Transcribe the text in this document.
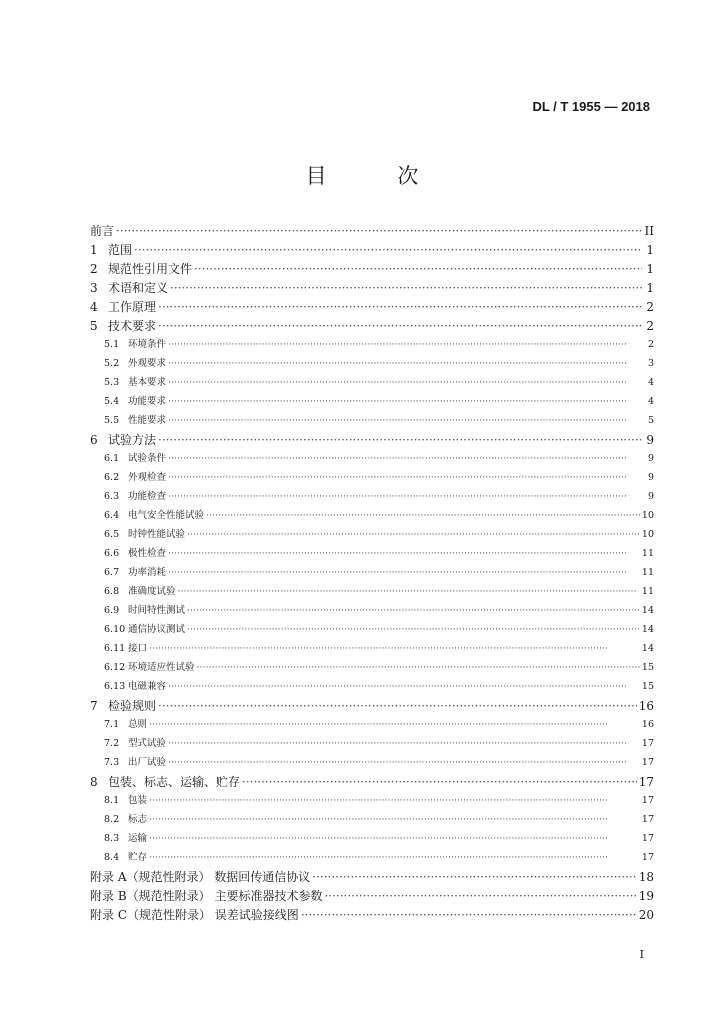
DL / T 1955 — 2018
目 次
前言 ·····	II
1 范围 ·····	1
2 规范性引用文件 ·····	1
3 术语和定义 ·····	1
4 工作原理 ·····	2
5 技术要求 ·····	2
5.1 环境条件 ·····	2
5.2 外观要求 ·····	3
5.3 基本要求 ·····	4
5.4 功能要求 ·····	4
5.5 性能要求 ·····	5
6 试验方法 ·····	9
6.1 试验条件 ·····	9
6.2 外观检查 ·····	9
6.3 功能检查 ·····	9
6.4 电气安全性能试验 ·····	10
6.5 时钟性能试验 ·····	10
6.6 极性检查 ·····	11
6.7 功率消耗 ·····	11
6.8 准确度试验 ·····	11
6.9 时间特性测试 ·····	14
6.10 通信协议测试 ·····	14
6.11 接口 ·····	14
6.12 环境适应性试验 ·····	15
6.13 电磁兼容 ·····	15
7 检验规则 ·····	16
7.1 总则 ·····	16
7.2 型式试验 ·····	17
7.3 出厂试验 ·····	17
8 包装、标志、运输、贮存 ·····	17
8.1 包装 ·····	17
8.2 标志 ·····	17
8.3 运输 ·····	17
8.4 贮存 ·····	17
附录 A（规范性附录） 数据回传通信协议 ·····	18
附录 B（规范性附录） 主要标准器技术参数 ·····	19
附录 C（规范性附录） 误差试验接线图 ·····	20
I
